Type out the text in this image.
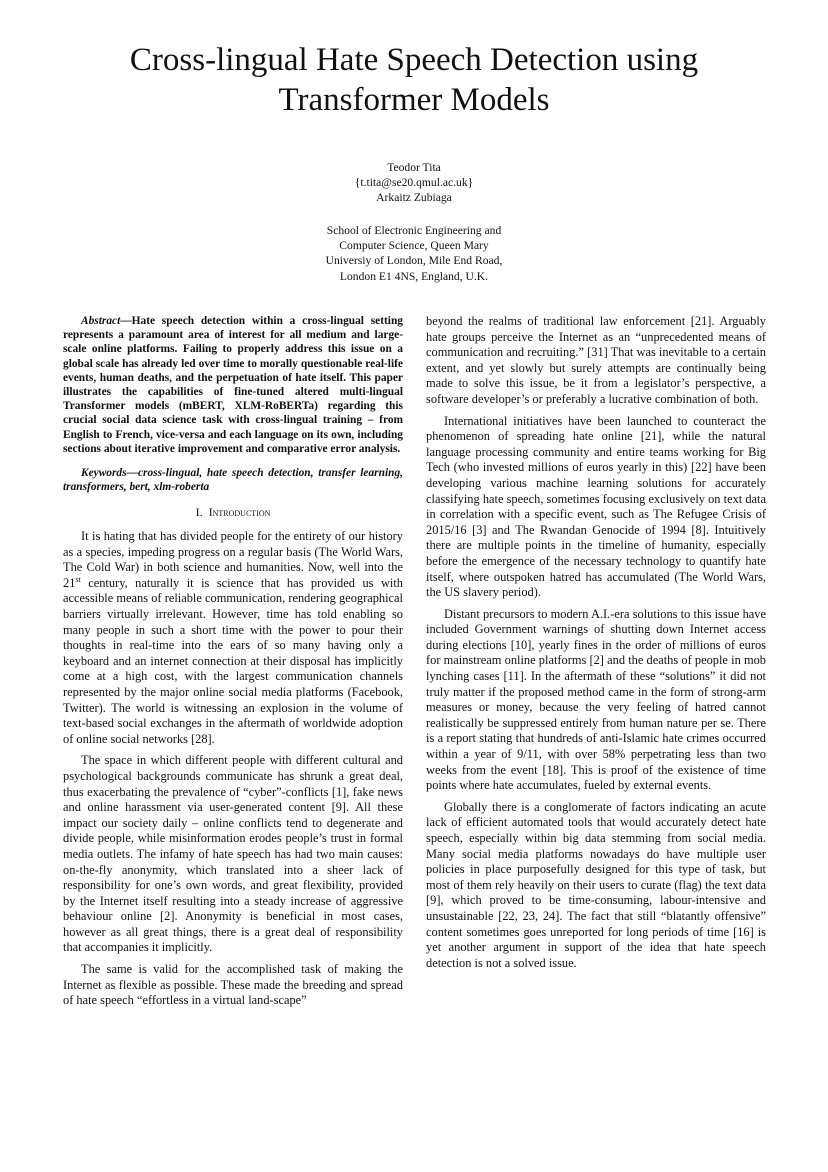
Cross-lingual Hate Speech Detection using Transformer Models
Teodor Tita
{t.tita@se20.qmul.ac.uk}
Arkaitz Zubiaga
School of Electronic Engineering and
Computer Science, Queen Mary
Universiy of London, Mile End Road,
London E1 4NS, England, U.K.

Abstract—Hate speech detection within a cross-lingual setting represents a paramount area of interest for all medium and large-scale online platforms. Failing to properly address this issue on a global scale has already led over time to morally questionable real-life events, human deaths, and the perpetuation of hate itself. This paper illustrates the capabilities of fine-tuned altered multi-lingual Transformer models (mBERT, XLM-RoBERTa) regarding this crucial social data science task with cross-lingual training – from English to French, vice-versa and each language on its own, including sections about iterative improvement and comparative error analysis.

Keywords—cross-lingual, hate speech detection, transfer learning, transformers, bert, xlm-roberta

I. Introduction

It is hating that has divided people for the entirety of our history as a species, impeding progress on a regular basis (The World Wars, The Cold War) in both science and humanities. Now, well into the 21st century, naturally it is science that has provided us with accessible means of reliable communication, rendering geographical barriers virtually irrelevant. However, time has told enabling so many people in such a short time with the power to pour their thoughts in real-time into the ears of so many having only a keyboard and an internet connection at their disposal has implicitly come at a high cost, with the largest communication channels represented by the major online social media platforms (Facebook, Twitter). The world is witnessing an explosion in the volume of text-based social exchanges in the aftermath of worldwide adoption of online social networks [28].

The space in which different people with different cultural and psychological backgrounds communicate has shrunk a great deal, thus exacerbating the prevalence of “cyber”-conflicts [1], fake news and online harassment via user-generated content [9]. All these impact our society daily – online conflicts tend to degenerate and divide people, while misinformation erodes people’s trust in formal media outlets. The infamy of hate speech has had two main causes: on-the-fly anonymity, which translated into a sheer lack of responsibility for one’s own words, and great flexibility, provided by the Internet itself resulting into a steady increase of aggressive behaviour online [2]. Anonymity is beneficial in most cases, however as all great things, there is a great deal of responsibility that accompanies it implicitly.

The same is valid for the accomplished task of making the Internet as flexible as possible. These made the breeding and spread of hate speech “effortless in a virtual land-scape”

beyond the realms of traditional law enforcement [21]. Arguably hate groups perceive the Internet as an “unprecedented means of communication and recruiting.” [31] That was inevitable to a certain extent, and yet slowly but surely attempts are continually being made to solve this issue, be it from a legislator’s perspective, a software developer’s or preferably a lucrative combination of both.

International initiatives have been launched to counteract the phenomenon of spreading hate online [21], while the natural language processing community and entire teams working for Big Tech (who invested millions of euros yearly in this) [22] have been developing various machine learning solutions for accurately classifying hate speech, sometimes focusing exclusively on text data in correlation with a specific event, such as The Refugee Crisis of 2015/16 [3] and The Rwandan Genocide of 1994 [8]. Intuitively there are multiple points in the timeline of humanity, especially before the emergence of the necessary technology to quantify hate itself, where outspoken hatred has accumulated (The World Wars, the US slavery period).

Distant precursors to modern A.I.-era solutions to this issue have included Government warnings of shutting down Internet access during elections [10], yearly fines in the order of millions of euros for mainstream online platforms [2] and the deaths of people in mob lynching cases [11]. In the aftermath of these “solutions” it did not truly matter if the proposed method came in the form of strong-arm measures or money, because the very feeling of hatred cannot realistically be suppressed entirely from human nature per se. There is a report stating that hundreds of anti-Islamic hate crimes occurred within a year of 9/11, with over 58% perpetrating less than two weeks from the event [18]. This is proof of the existence of time points where hate accumulates, fueled by external events.

Globally there is a conglomerate of factors indicating an acute lack of efficient automated tools that would accurately detect hate speech, especially within big data stemming from social media. Many social media platforms nowadays do have multiple user policies in place purposefully designed for this type of task, but most of them rely heavily on their users to curate (flag) the text data [9], which proved to be time-consuming, labour-intensive and unsustainable [22, 23, 24]. The fact that still “blatantly offensive” content sometimes goes unreported for long periods of time [16] is yet another argument in support of the idea that hate speech detection is not a solved issue.
